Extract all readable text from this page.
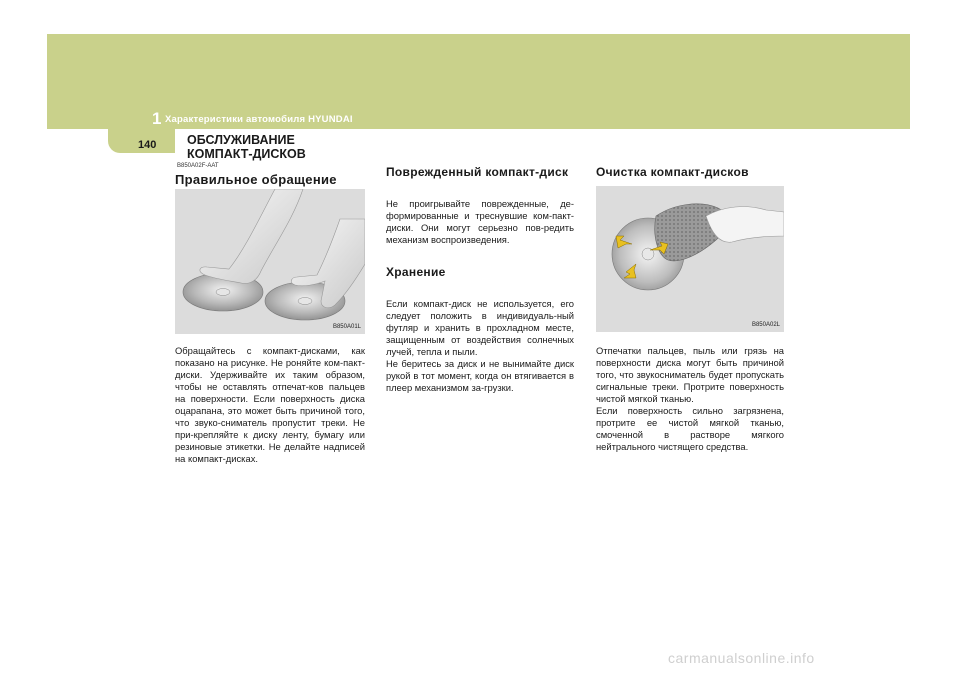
1 Характеристики автомобиля HYUNDAI
140 ОБСЛУЖИВАНИЕ
КОМПАКТ-ДИСКОВ
B850A02F-AAT
Правильное обращение
B850A01L

Обращайтесь с компакт-дисками, как показано на рисунке. Не роняйте ком-пакт-диски. Удерживайте их таким образом, чтобы не оставлять отпечат-ков пальцев на поверхности. Если поверхность диска оцарапана, это может быть причиной того, что звуко-сниматель пропустит треки. Не при-крепляйте к диску ленту, бумагу или резиновые этикетки. Не делайте надписей на компакт-дисках.

Поврежденный компакт-диск

Не проигрывайте поврежденные, де-формированные и треснувшие ком-пакт-диски. Они могут серьезно пов-редить механизм воспроизведения.

Хранение

Если компакт-диск не используется, его следует положить в индивидуаль-ный футляр и хранить в прохладном месте, защищенным от воздействия солнечных лучей, тепла и пыли.

Не беритесь за диск и не вынимайте диск рукой в тот момент, когда он втягивается в плеер механизмом за-грузки.

Очистка компакт-дисков
B850A02L

Отпечатки пальцев, пыль или грязь на поверхности диска могут быть причиной того, что звукосниматель будет пропускать сигнальные треки. Протрите поверхность чистой мягкой тканью.

Если поверхность сильно загрязнена, протрите ее чистой мягкой тканью, смоченной в растворе мягкого нейтрального чистящего средства.

carmanualsonline.info
